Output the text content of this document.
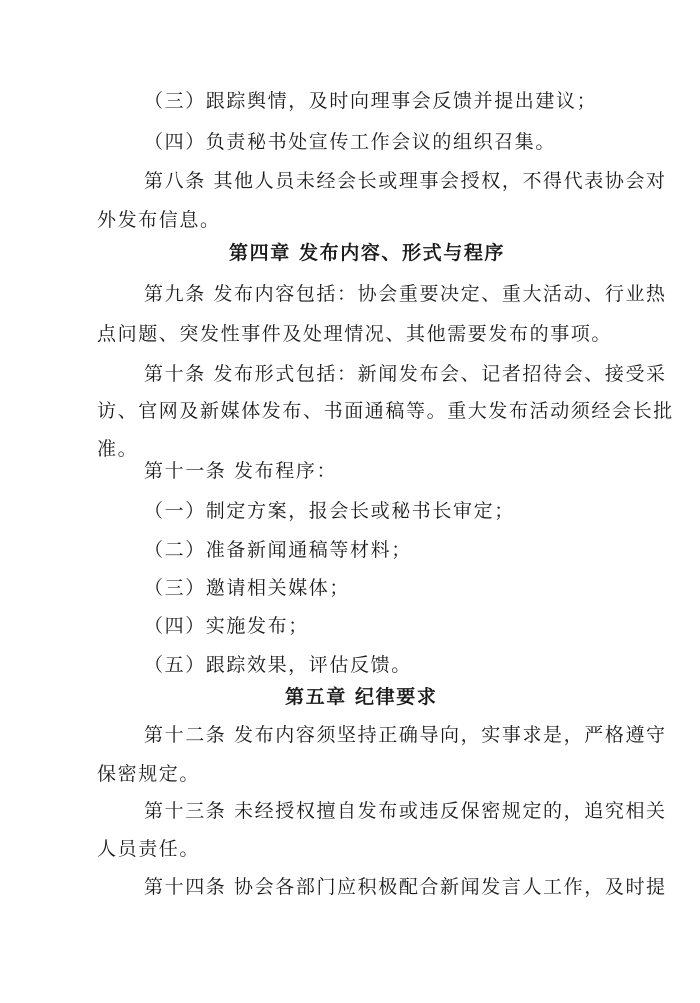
（三）跟踪舆情，及时向理事会反馈并提出建议；
（四）负责秘书处宣传工作会议的组织召集。
第八条 其他人员未经会长或理事会授权，不得代表协会对
外发布信息。
第四章 发布内容、形式与程序
第九条 发布内容包括：协会重要决定、重大活动、行业热
点问题、突发性事件及处理情况、其他需要发布的事项。
第十条 发布形式包括：新闻发布会、记者招待会、接受采
访、官网及新媒体发布、书面通稿等。重大发布活动须经会长批
准。
第十一条 发布程序：
（一）制定方案，报会长或秘书长审定；
（二）准备新闻通稿等材料；
（三）邀请相关媒体；
（四）实施发布；
（五）跟踪效果，评估反馈。
第五章 纪律要求
第十二条 发布内容须坚持正确导向，实事求是，严格遵守
保密规定。
第十三条 未经授权擅自发布或违反保密规定的，追究相关
人员责任。
第十四条 协会各部门应积极配合新闻发言人工作，及时提
